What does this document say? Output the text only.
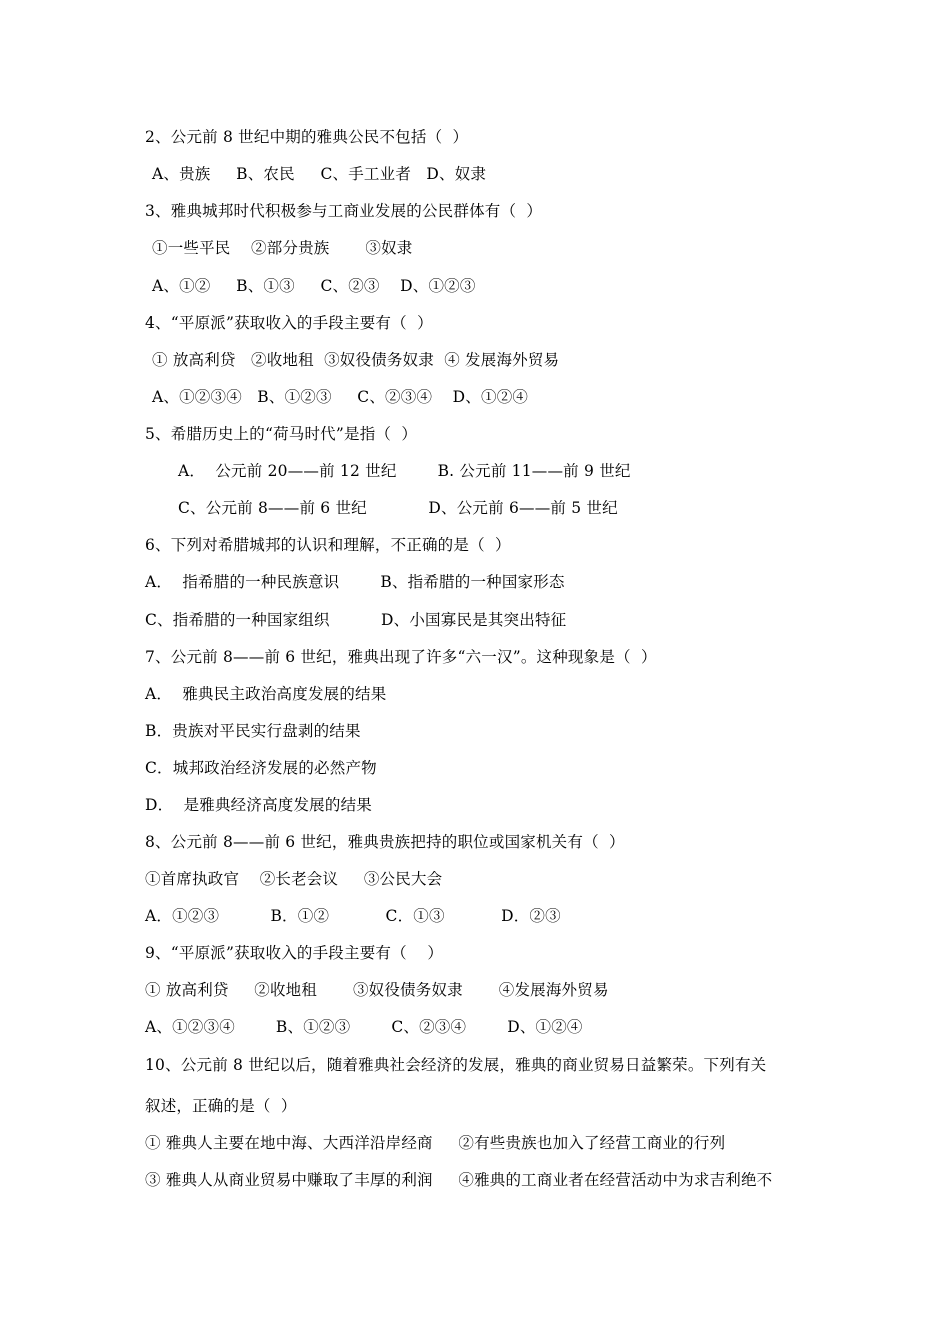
2、公元前 8 世纪中期的雅典公民不包括（  ）
A、贵族     B、农民     C、手工业者   D、奴隶
3、雅典城邦时代积极参与工商业发展的公民群体有（  ）
①一些平民    ②部分贵族       ③奴隶
A、①②     B、①③     C、②③    D、①②③
4、“平原派”获取收入的手段主要有（  ）
① 放高利贷   ②收地租  ③奴役债务奴隶  ④ 发展海外贸易
A、①②③④   B、①②③     C、②③④    D、①②④
5、希腊历史上的“荷马时代”是指（  ）
A．  公元前 20——前 12 世纪        B. 公元前 11——前 9 世纪
C、公元前 8——前 6 世纪            D、公元前 6——前 5 世纪
6、下列对希腊城邦的认识和理解，不正确的是（  ）
A．  指希腊的一种民族意识        B、指希腊的一种国家形态
C、指希腊的一种国家组织          D、小国寡民是其突出特征
7、公元前 8——前 6 世纪，雅典出现了许多“六一汉”。这种现象是（  ）
A．  雅典民主政治高度发展的结果
B．贵族对平民实行盘剥的结果
C．城邦政治经济发展的必然产物
D．  是雅典经济高度发展的结果
8、公元前 8——前 6 世纪，雅典贵族把持的职位或国家机关有（  ）
①首席执政官    ②长老会议     ③公民大会
A．①②③          B．①②           C．①③           D．②③
9、“平原派”获取收入的手段主要有（    ）
① 放高利贷     ②收地租       ③奴役债务奴隶       ④发展海外贸易
A、①②③④        B、①②③        C、②③④        D、①②④
10、公元前 8 世纪以后，随着雅典社会经济的发展，雅典的商业贸易日益繁荣。下列有关
叙述，正确的是（  ）
① 雅典人主要在地中海、大西洋沿岸经商     ②有些贵族也加入了经营工商业的行列
③ 雅典人从商业贸易中赚取了丰厚的利润     ④雅典的工商业者在经营活动中为求吉利绝不
